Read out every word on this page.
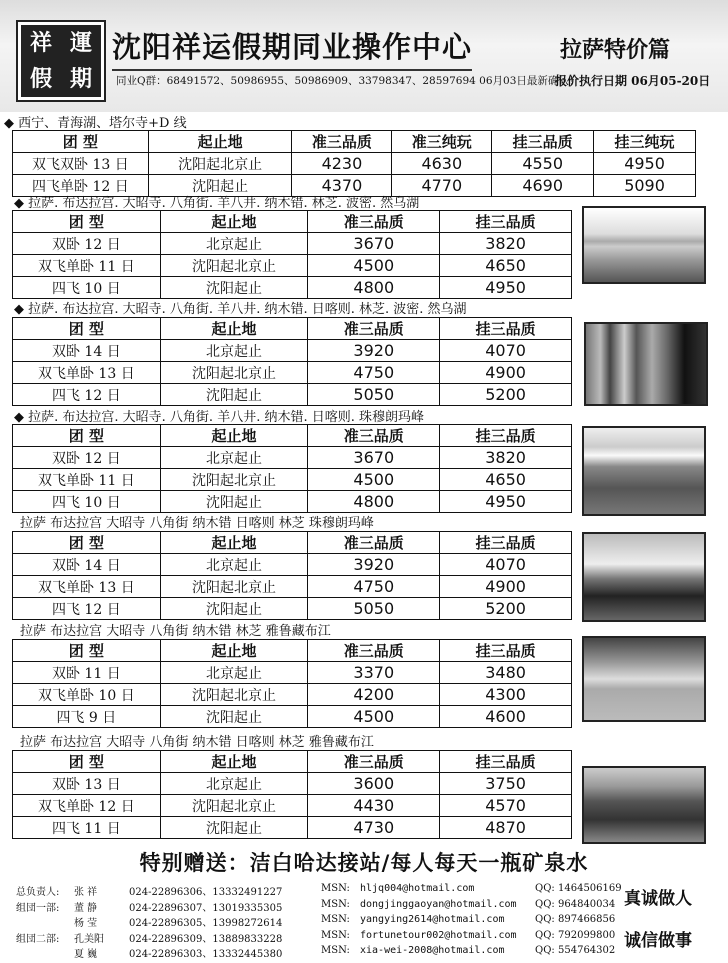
祥 運
假 期
沈阳祥运假期同业操作中心	拉萨特价篇
同业Q群：68491572、50986955、50986909、33798347、28597694 06月03日最新确认！
报价执行日期 06月05-20日
◆ 西宁、青海湖、塔尔寺+D 线
团 型	起止地	准三品质	准三纯玩	挂三品质	挂三纯玩
双飞双卧 13 日	沈阳起北京止	4230	4630	4550	4950
四飞单卧 12 日	沈阳起止	4370	4770	4690	5090
◆ 拉萨. 布达拉宫. 大昭寺. 八角街. 羊八井. 纳木错. 林芝. 波密. 然乌湖
团 型	起止地	准三品质	挂三品质
双卧 12 日	北京起止	3670	3820
双飞单卧 11 日	沈阳起北京止	4500	4650
四飞 10 日	沈阳起止	4800	4950
◆ 拉萨. 布达拉宫. 大昭寺. 八角街. 羊八井. 纳木错. 日喀则. 林芝. 波密. 然乌湖
团 型	起止地	准三品质	挂三品质
双卧 14 日	北京起止	3920	4070
双飞单卧 13 日	沈阳起北京止	4750	4900
四飞 12 日	沈阳起止	5050	5200
◆ 拉萨. 布达拉宫. 大昭寺. 八角街. 羊八井. 纳木错. 日喀则. 珠穆朗玛峰
团 型	起止地	准三品质	挂三品质
双卧 12 日	北京起止	3670	3820
双飞单卧 11 日	沈阳起北京止	4500	4650
四飞 10 日	沈阳起止	4800	4950
拉萨 布达拉宫 大昭寺 八角街 纳木错 日喀则 林芝 珠穆朗玛峰
团 型	起止地	准三品质	挂三品质
双卧 14 日	北京起止	3920	4070
双飞单卧 13 日	沈阳起北京止	4750	4900
四飞 12 日	沈阳起止	5050	5200
拉萨 布达拉宫 大昭寺 八角街 纳木错 林芝 雅鲁藏布江
团 型	起止地	准三品质	挂三品质
双卧 11 日	北京起止	3370	3480
双飞单卧 10 日	沈阳起北京止	4200	4300
四飞 9 日	沈阳起止	4500	4600
拉萨 布达拉宫 大昭寺 八角街 纳木错 日喀则 林芝 雅鲁藏布江
团 型	起止地	准三品质	挂三品质
双卧 13 日	北京起止	3600	3750
双飞单卧 12 日	沈阳起北京止	4430	4570
四飞 11 日	沈阳起止	4730	4870
特别赠送：洁白哈达接站/每人每天一瓶矿泉水
总负责人: 张 祥	024-22896306、13332491227	MSN: hljq004@hotmail.com	QQ: 1464506169
组団一部: 董 静	024-22896307、13019335305	MSN: dongjinggaoyan@hotmail.com QQ: 964840034
杨 莹	024-22896305、13998272614	MSN: yangying2614@hotmail.com	QQ: 897466856
组団二部: 孔美阳	024-22896309、13889833228	MSN: fortunetour002@hotmail.com QQ: 792099800
夏 巍	024-22896303、13332445380	MSN: xia-wei-2008@hotmail.com	QQ: 554764302
真诚做人
诚信做事
